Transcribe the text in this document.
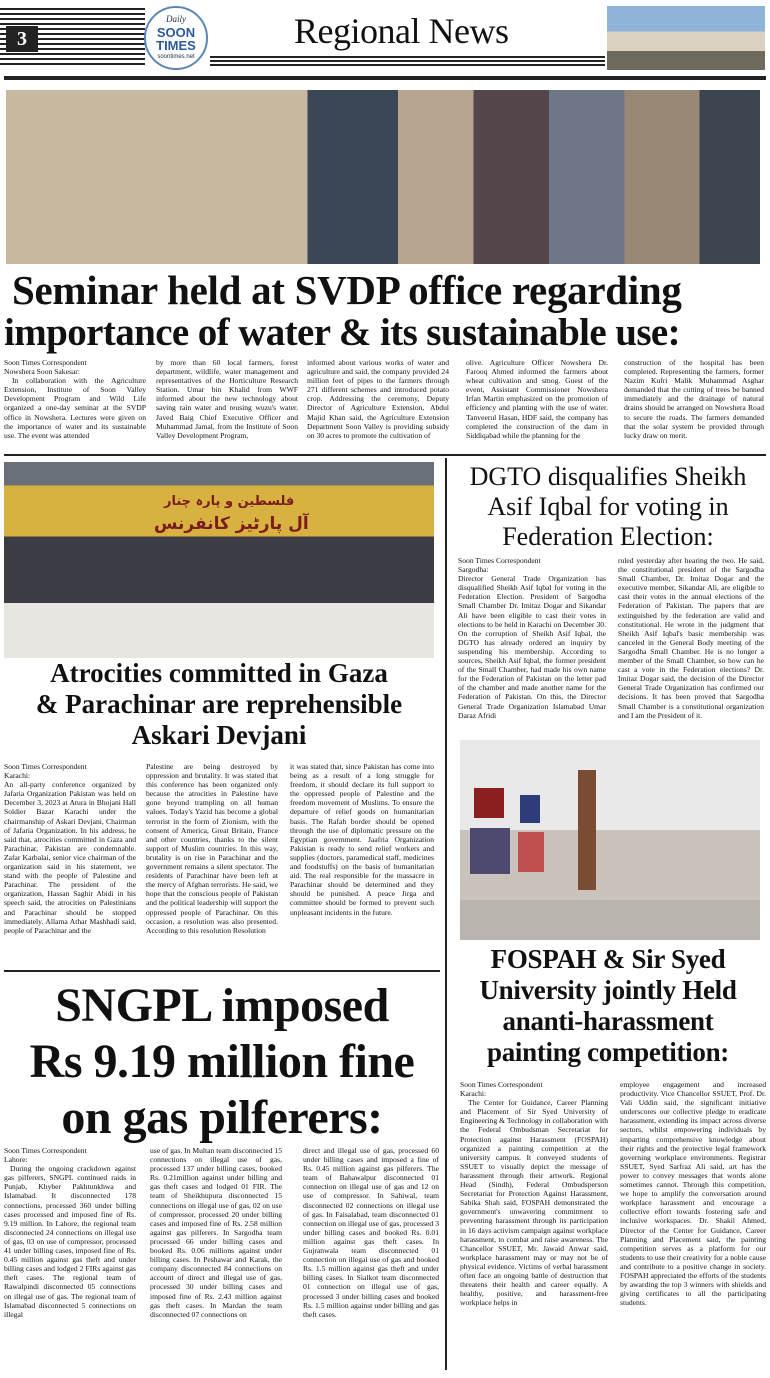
3
Daily
SOON TIMES
soontimes.net
Regional News
Seminar held at SVDP office regarding
importance of water & its sustainable use:
Soon Times Correspondent
Nowshera Soon Sakesar:

In collaboration with the Agriculture Extension, Institute of Soon Valley Development Program and Wild Life organized a one-day seminar at the SVDP office in Nowshera. Lectures were given on the importance of water and its sustainable use. The event was attended

by more than 60 local farmers, forest department, wildlife, water management and representatives of the Horticulture Research Station. Umar bin Khalid from WWF informed about the new technology about saving rain water and reusing wuzu's water. Javed Baig Chief Executive Officer and Muhammad Jamal, from the Institute of Soon Valley Development Program,

informed about various works of water and agriculture and said, the company provided 24 million feet of pipes to the farmers through 271 different schemes and introduced potato crop. Addressing the ceremony, Deputy Director of Agriculture Extension, Abdul Majid Khan said, the Agriculture Extension Department Soon Valley is providing subsidy on 30 acres to promote the cultivation of

olive. Agriculture Officer Nowshera Dr. Farooq Ahmed informed the farmers about wheat cultivation and smog. Guest of the event, Assistant Commissioner Nowshera Irfan Martin emphasized on the promotion of efficiency and planting with the use of water. Tanveerul Hasan, HDF said, the company has completed the construction of the dam in Siddiqabad while the planning for the

construction of the hospital has been completed. Representing the farmers, former Nazim Kufri Malik Muhammad Asghar demanded that the cutting of trees be banned immediately and the drainage of natural drains should be arranged on Nowshera Road to secure the roads. The farmers demanded that the solar system be provided through lucky draw on merit.

فلسطین و پارہ چنار
آل پارٹیز کانفرنس
Atrocities committed in Gaza
& Parachinar are reprehensible
Askari Devjani
Soon Times Correspondent
Karachi:

An all-party conference organized by Jafaria Organization Pakistan was held on December 3, 2023 at Atura in Bhojani Hall Soldier Bazar Karachi under the chairmanship of Askari Devjani, Chairman of Jafaria Organization. In his address, he said that, atrocities committed in Gaza and Parachinar, Pakistan are condemnable. Zafar Karbalai, senior vice chairman of the organization said in his statement, we stand with the people of Palestine and Parachinar. The president of the organization, Hassan Saghir Abidi in his speech said, the atrocities on Palestinians and Parachinar should be stopped immediately. Allama Athar Mashhadi said, people of Parachinar and the

Palestine are being destroyed by oppression and brutality. It was stated that this conference has been organized only because the atrocities in Palestine have gone beyond trampling on all human values. Today's Yazid has become a global terrorist in the form of Zionism, with the consent of America, Great Britain, France and other countries, thanks to the silent support of Muslim countries. In this way, brutality is on rise in Parachinar and the government remains a silent spectator. The residents of Parachinar have been left at the mercy of Afghan terrorists. He said, we hope that the conscious people of Pakistan and the political leadership will support the oppressed people of Parachinar. On this occasion, a resolution was also presented. According to this resolution Resolution

it was stated that, since Pakistan has come into being as a result of a long struggle for freedom, it should declare its full support to the oppressed people of Palestine and the freedom movement of Muslims. To ensure the departure of relief goods on humanitarian basis. The Rafah border should be opened through the use of diplomatic pressure on the Egyptian government. Jaafria Organization Pakistan is ready to send relief workers and supplies (doctors, paramedical staff, medicines and foodstuffs) on the basis of humanitarian aid. The real responsible for the massacre in Parachinar should be determined and they should be punished. A peace Jirga and committee should be formed to prevent such unpleasant incidents in the future.

SNGPL imposed
Rs 9.19 million fine
on gas pilferers:
Soon Times Correspondent
Lahore:

During the ongoing crackdown against gas pilferers, SNGPL continued raids in Punjab, Khyber Pakhtunkhwa and Islamabad. It disconnected 178 connections, processed 360 under billing cases processed and imposed fine of Rs. 9.19 million. In Lahore, the regional team disconnected 24 connections on illegal use of gas, 03 on use of compressor, processed 41 under billing cases, imposed fine of Rs. 0.45 million against gas theft and under billing cases and lodged 2 FIRs against gas theft cases. The regional team of Rawalpindi disconnected 05 connections on illegal use of gas. The regional team of Islamabad disconnected 5 connections on illegal

use of gas. In Multan team disconnected 15 connections on illegal use of gas, processed 137 under billing cases, booked Rs. 0.21million against under billing and gas theft cases and lodged 01 FIR. The team of Sheikhupura disconnected 15 connections on illegal use of gas, 02 on use of compressor, processed 20 under billing cases and imposed fine of Rs. 2.58 million against gas pilferers. In Sargodha team processed 66 under billing cases and booked Rs. 0.06 millions against under billing cases. In Peshawar and Karak, the company disconnected 84 connections on account of direct and illegal use of gas, processed 30 under billing cases and imposed fine of Rs. 2.43 million against gas theft cases. In Mardan the team disconnected 07 connections on

direct and illegal use of gas, processed 60 under billing cases and imposed a fine of Rs. 0.45 million against gas pilferers. The team of Bahawalpur disconnected 01 connection on illegal use of gas and 12 on use of compressor. In Sahiwal, team disconnected 02 connections on illegal use of gas. In Faisalabad, team disconnected 01 connection on illegal use of gas, processed 3 under billing cases and booked Rs. 0.01 million against gas theft cases. In Gujranwala team disconnected 01 connection on illegal use of gas and booked Rs. 1.5 million against gas theft and under billing cases. In Sialkot team disconnected 01 connection on illegal use of gas, processed 3 under billing cases and booked Rs. 1.5 million against under billing and gas theft cases.

DGTO disqualifies Sheikh
Asif Iqbal for voting in
Federation Election:
Soon Times Correspondent
Sargodha:

Director General Trade Organization has disqualified Sheikh Asif Iqbal for voting in the Federation Election. President of Sargodha Small Chamber Dr. Imitaz Dogar and Sikandar Ali have been eligible to cast their votes in elections to be held in Karachi on December 30. On the corruption of Sheikh Asif Iqbal, the DGTO has already ordered an inquiry by suspending his membership. According to sources, Sheikh Asif Iqbal, the former president of the Small Chamber, had made his own name for the Federation of Pakistan on the letter pad of the chamber and made another name for the Federation of Pakistan. On this, the Director General Trade Organization Islamabad Umar Daraz Afridi

ruled yesterday after hearing the two. He said, the constitutional president of the Sargodha Small Chamber, Dr. Imitaz Dogar and the executive member, Sikandar Ali, are eligible to cast their votes in the annual elections of the Federation of Pakistan. The papers that are extinguished by the federation are valid and constitutional. He wrote in the judgment that Sheikh Asif Iqbal's basic membership was canceled in the General Body meeting of the Sargodha Small Chamber. He is no longer a member of the Small Chamber, so how can he cast a vote in the Federation elections? Dr. Imitaz Dogar said, the decision of the Director General Trade Organization has confirmed our decisions. It has been proved that Sargodha Small Chamber is a constitutional organization and I am the President of it.

FOSPAH & Sir Syed
University jointly Held
ananti-harassment
painting competition:
Soon Times Correspondent
Karachi:

The Center for Guidance, Career Planning and Placement of Sir Syed University of Engineering & Technology in collaboration with the Federal Ombudsman Secretariat for Protection against Harassment (FOSPAH) organized a painting competition at the university campus. It conveyed students of SSUET to visually depict the message of harassment through their artwork. Regional Head (Sindh), Federal Ombudsperson Secretariat for Protection Against Harassment, Sabika Shah said, FOSPAH demonstrated the government's unwavering commitment to preventing harassment through its participation in 16 days activism campaign against workplace harassment, to combat and raise awareness. The Chancellor SSUET, Mr. Jawaid Anwar said, workplace harassment may or may not be of physical evidence. Victims of verbal harassment often face an ongoing battle of destruction that threatens their health and career equally. A healthy, positive, and harassment-free workplace helps in

employee engagement and increased productivity. Vice Chancellor SSUET, Prof. Dr. Vali Uddin said, the significant initiative underscores our collective pledge to eradicate harassment, extending its impact across diverse sectors, whilst empowering individuals by imparting comprehensive knowledge about their rights and the protective legal framework governing workplace environments. Registrar SSUET, Syed Sarfraz Ali said, art has the power to convey messages that words alone sometimes cannot. Through this competition, we hope to amplify the conversation around workplace harassment and encourage a collective effort towards fostering safe and inclusive workspaces. Dr. Shakil Ahmed, Director of the Center for Guidance, Career Planning and Placement said, the painting competition serves as a platform for our students to use their creativity for a noble cause and contribute to a positive change in society. FOSPAH appreciated the efforts of the students by awarding the top 3 winners with shields and giving certificates to all the participating students.
